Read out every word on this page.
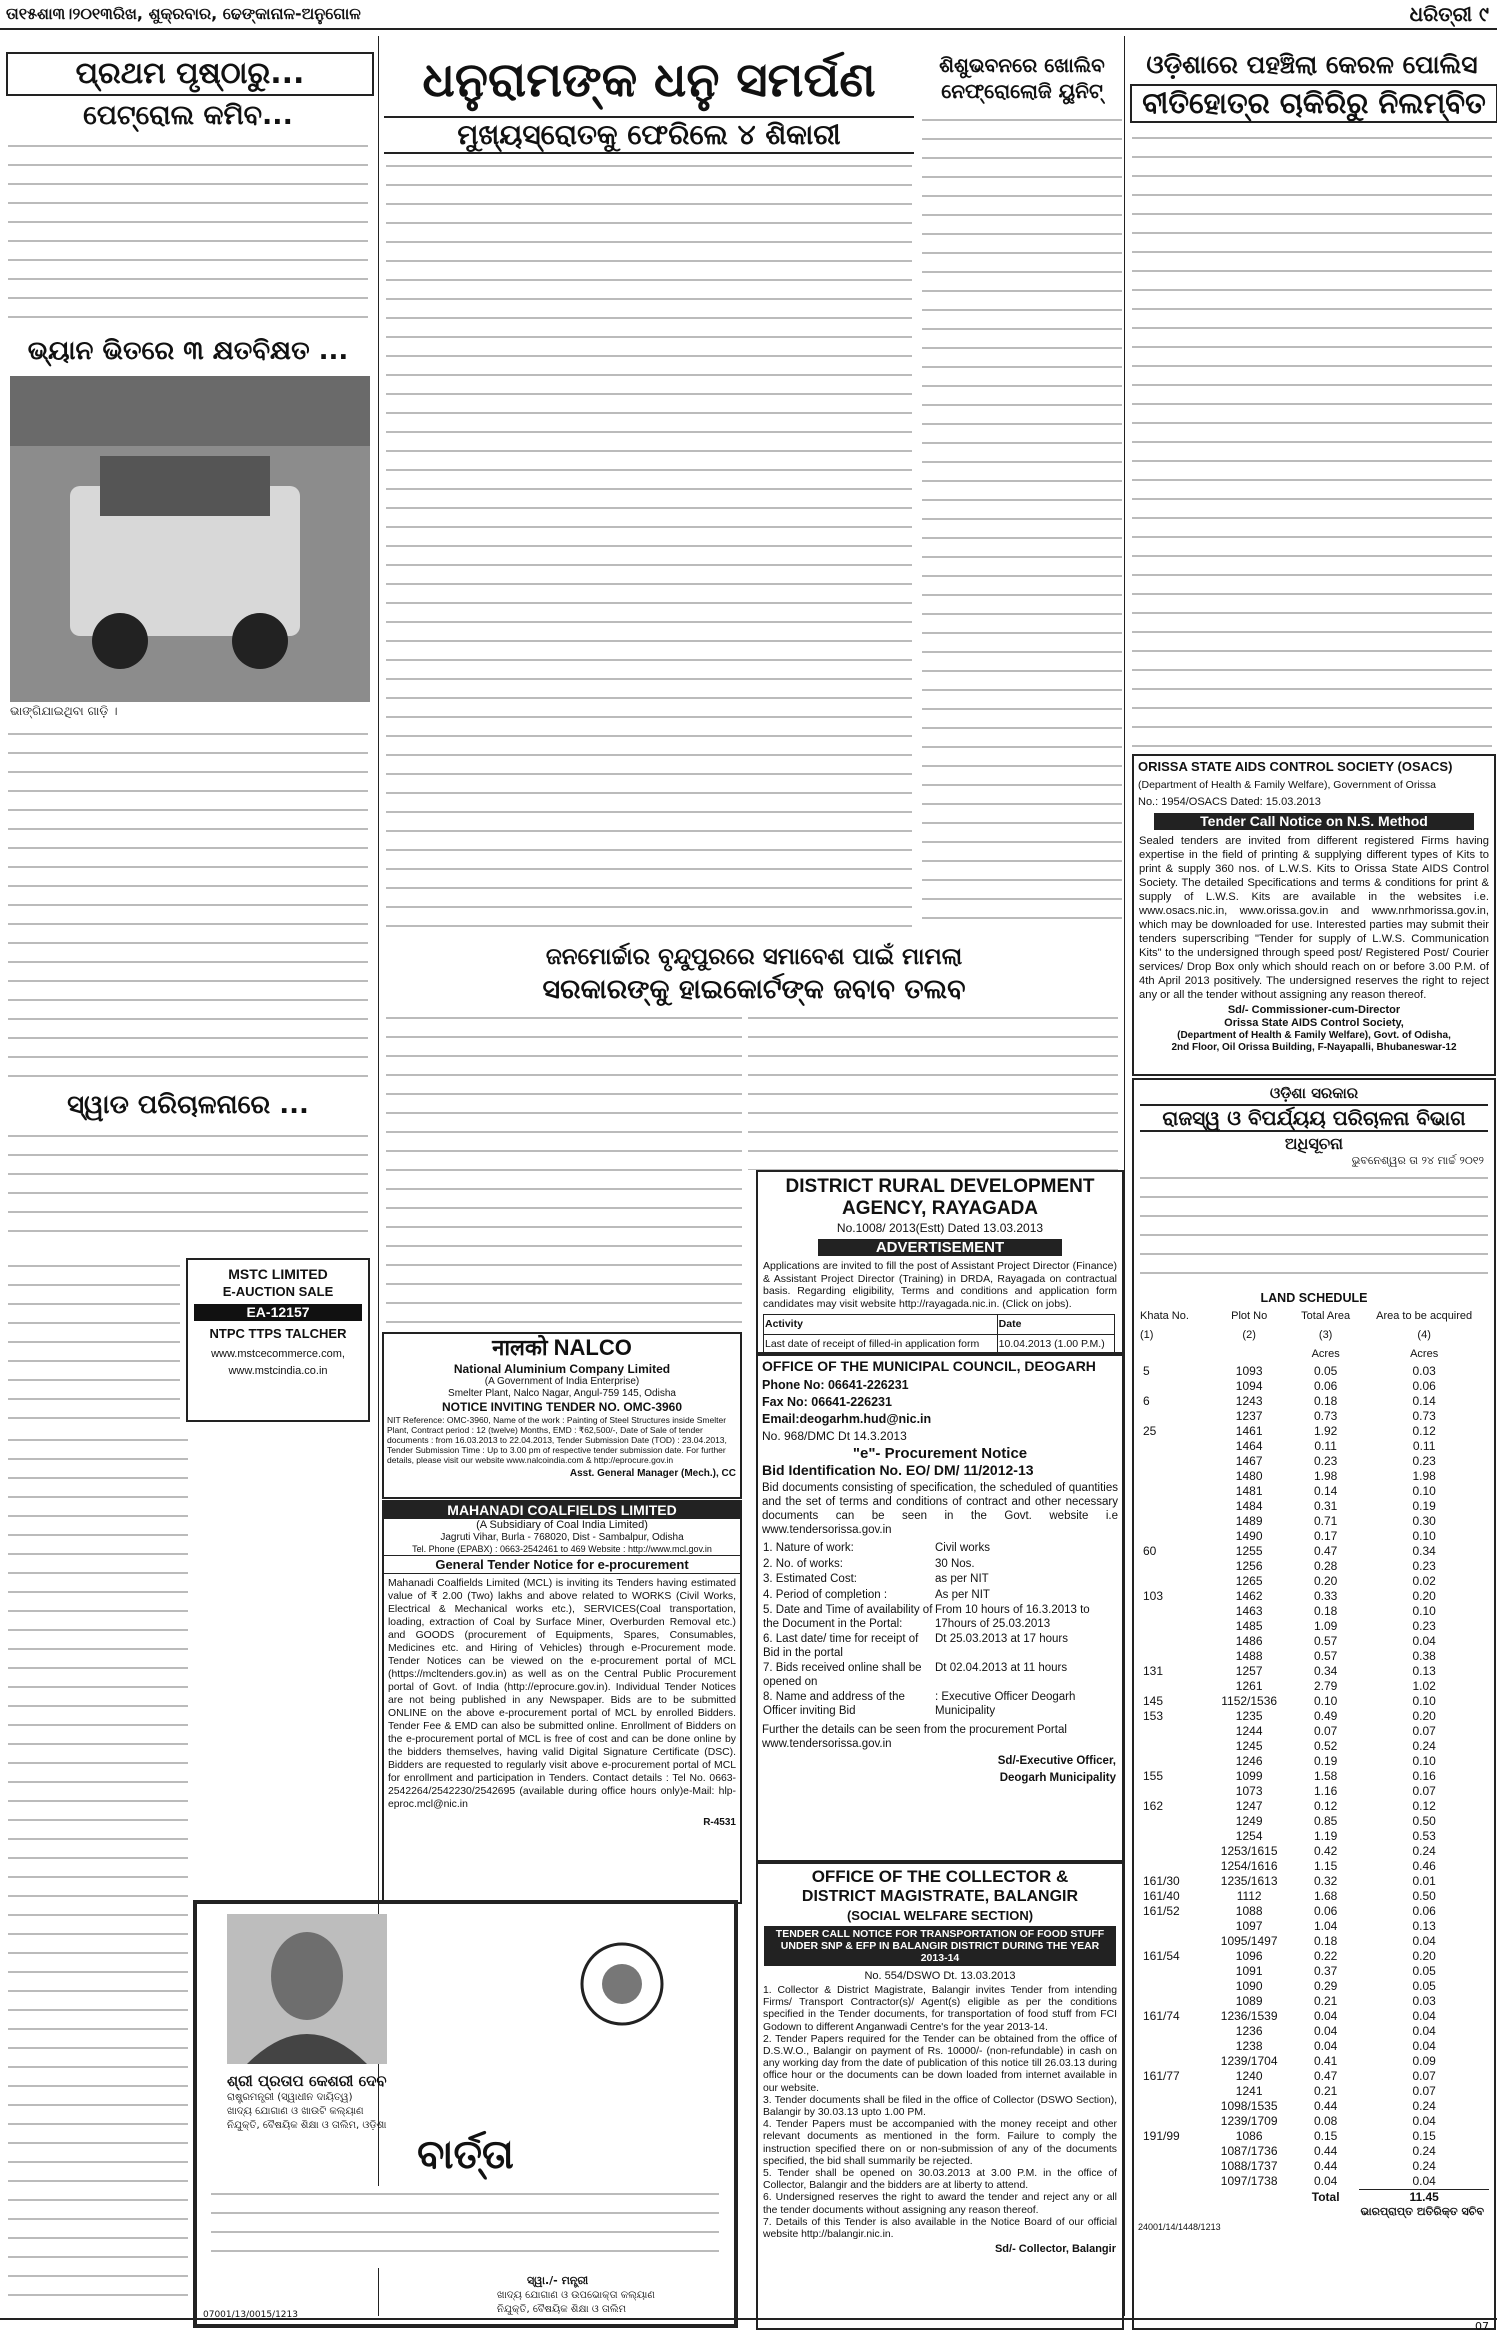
ତା୧୫ଶା୩।୨୦୧୩ରିଖ, ଶୁକ୍ରବାର, ଢେଙ୍କାନାଳ-ଅନୁଗୋଳ	ଧରିତ୍ରୀ ୯
ପ୍ରଥମ ପୃଷ୍ଠାରୁ...
ପେଟ୍ରୋଲ କମିବ...
ଭ୍ୟାନ ଭିତରେ ୩ କ୍ଷତବିକ୍ଷତ ...
ଭାଙ୍ଗିଯାଇଥିବା ଗାଡ଼ି ।
ସ୍ୱାଡ ପରିଚାଳନାରେ ...
MSTC LIMITED
E-AUCTION SALE
EA-12157
NTPC TTPS TALCHER
www.mstcecommerce.com, www.mstcindia.co.in
ଧନୁରାମଙ୍କ ଧନୁ ସମର୍ପଣ
ମୁଖ୍ୟସ୍ରୋତକୁ ଫେରିଲେ ୪ ଶିକାରୀ
ଜନମୋର୍ଚ୍ଚାର ବୃନ୍ଦୁପୁରରେ ସମାବେଶ ପାଇଁ ମାମଲା
ସରକାରଙ୍କୁ ହାଇକୋର୍ଟଙ୍କ ଜବାବ ତଲବ
नालको NALCO
National Aluminium Company Limited
(A Government of India Enterprise)
Smelter Plant, Nalco Nagar, Angul-759 145, Odisha
NOTICE INVITING TENDER NO. OMC-3960
NIT Reference: OMC-3960, Name of the work : Painting of Steel Structures inside Smelter Plant, Contract period : 12 (twelve) Months, EMD : ₹62,500/-, Date of Sale of tender documents : from 16.03.2013 to 22.04.2013, Tender Submission Date (TOD) : 23.04.2013, Tender Submission Time : Up to 3.00 pm of respective tender submission date. For further details, please visit our website www.nalcoindia.com & http://eprocure.gov.in
Asst. General Manager (Mech.), CC
MAHANADI COALFIELDS LIMITED
(A Subsidiary of Coal India Limited)
Jagruti Vihar, Burla - 768020, Dist - Sambalpur, Odisha
Tel. Phone (EPABX) : 0663-2542461 to 469 Website : http://www.mcl.gov.in
General Tender Notice for e-procurement
Mahanadi Coalfields Limited (MCL) is inviting its Tenders having estimated value of ₹ 2.00 (Two) lakhs and above related to WORKS (Civil Works, Electrical & Mechanical works etc.), SERVICES(Coal transportation, loading, extraction of Coal by Surface Miner, Overburden Removal etc.) and GOODS (procurement of Equipments, Spares, Consumables, Medicines etc. and Hiring of Vehicles) through e-Procurement mode. Tender Notices can be viewed on the e-procurement portal of MCL (https://mcltenders.gov.in) as well as on the Central Public Procurement portal of Govt. of India (http://eprocure.gov.in). Individual Tender Notices are not being published in any Newspaper. Bids are to be submitted ONLINE on the above e-procurement portal of MCL by enrolled Bidders. Tender Fee & EMD can also be submitted online. Enrollment of Bidders on the e-procurement portal of MCL is free of cost and can be done online by the bidders themselves, having valid Digital Signature Certificate (DSC). Bidders are requested to regularly visit above e-procurement portal of MCL for enrollment and participation in Tenders. Contact details : Tel No. 0663-2542264/2542230/2542695 (available during office hours only)e-Mail: hlp-eproc.mcl@nic.in
R-4531
ଶ୍ରୀ ପ୍ରତାପ କେଶରୀ ଦେବ
ରାଷ୍ଟ୍ରମନ୍ତ୍ରୀ (ସ୍ୱାଧୀନ ଦାୟିତ୍ୱ)
ଖାଦ୍ୟ ଯୋଗାଣ ଓ ଖାଉଟି କଲ୍ୟାଣ
ନିଯୁକ୍ତି, ବୈଷୟିକ ଶିକ୍ଷା ଓ ତାଲିମ, ଓଡ଼ିଶା
ବାର୍ତ୍ତା
ସ୍ୱା./- ମନ୍ତ୍ରୀ
ଖାଦ୍ୟ ଯୋଗାଣ ଓ ଉପଭୋକ୍ତା କଲ୍ୟାଣ
ନିଯୁକ୍ତି, ବୈଷୟିକ ଶିକ୍ଷା ଓ ତାଲିମ
07001/13/0015/1213
ଶିଶୁଭବନରେ ଖୋଲିବ ନେଫ୍ରୋଲୋଜି ୟୁନିଟ୍
DISTRICT RURAL DEVELOPMENT
AGENCY, RAYAGADA
No.1008/ 2013(Estt) Dated 13.03.2013
ADVERTISEMENT
Applications are invited to fill the post of Assistant Project Director (Finance) & Assistant Project Director (Training) in DRDA, Rayagada on contractual basis. Regarding eligibility, Terms and conditions and application form candidates may visit website http://rayagada.nic.in. (Click on jobs).
Activity	Date
Last date of receipt of filled-in application form	10.04.2013 (1.00 P.M.)
OFFICE OF THE MUNICIPAL COUNCIL, DEOGARH
Phone No: 06641-226231
Fax No: 06641-226231
Email:deogarhm.hud@nic.in
No. 968/DMC Dt 14.3.2013
"e"- Procurement Notice
Bid Identification No. EO/ DM/ 11/2012-13
Bid documents consisting of specification, the scheduled of quantities and the set of terms and conditions of contract and other necessary documents can be seen in the Govt. website i.e www.tendersorissa.gov.in
1. Nature of work:	Civil works
2. No. of works:	30 Nos.
3. Estimated Cost:	as per NIT
4. Period of completion :	As per NIT
5. Date and Time of availability of the Document in the Portal:	From 10 hours of 16.3.2013 to 17hours of 25.03.2013
6. Last date/ time for receipt of Bid in the portal	Dt 25.03.2013 at 17 hours
7. Bids received online shall be opened on	Dt 02.04.2013 at 11 hours
8. Name and address of the Officer inviting Bid	: Executive Officer Deogarh Municipality
Further the details can be seen from the procurement Portal www.tendersorissa.gov.in
Sd/-Executive Officer,
Deogarh Municipality
OFFICE OF THE COLLECTOR &
DISTRICT MAGISTRATE, BALANGIR
(SOCIAL WELFARE SECTION)
TENDER CALL NOTICE FOR TRANSPORTATION OF FOOD STUFF UNDER SNP & EFP IN BALANGIR DISTRICT DURING THE YEAR 2013-14
No. 554/DSWO Dt. 13.03.2013
1. Collector & District Magistrate, Balangir invites Tender from intending Firms/ Transport Contractor(s)/ Agent(s) eligible as per the conditions specified in the Tender documents, for transportation of food stuff from FCI Godown to different Anganwadi Centre's for the year 2013-14.
2. Tender Papers required for the Tender can be obtained from the office of D.S.W.O., Balangir on payment of Rs. 10000/- (non-refundable) in cash on any working day from the date of publication of this notice till 26.03.13 during office hour or the documents can be down loaded from internet available in our website.
3. Tender documents shall be filed in the office of Collector (DSWO Section), Balangir by 30.03.13 upto 1.00 PM.
4. Tender Papers must be accompanied with the money receipt and other relevant documents as mentioned in the form. Failure to comply the instruction specified there on or non-submission of any of the documents specified, the bid shall summarily be rejected.
5. Tender shall be opened on 30.03.2013 at 3.00 P.M. in the office of Collector, Balangir and the bidders are at liberty to attend.
6. Undersigned reserves the right to award the tender and reject any or all the tender documents without assigning any reason thereof.
7. Details of this Tender is also available in the Notice Board of our official website http://balangir.nic.in.
Sd/- Collector, Balangir
ଓଡ଼ିଶାରେ ପହଞ୍ଚିଲା କେରଳ ପୋଲିସ
ବୀତିହୋତ୍ର ଚାକିରିରୁ ନିଲମ୍ବିତ
ORISSA STATE AIDS CONTROL SOCIETY (OSACS)
(Department of Health & Family Welfare), Government of Orissa
No.: 1954/OSACS Dated: 15.03.2013
Tender Call Notice on N.S. Method
Sealed tenders are invited from different registered Firms having expertise in the field of printing & supplying different types of Kits to print & supply 360 nos. of L.W.S. Kits to Orissa State AIDS Control Society. The detailed Specifications and terms & conditions for print & supply of L.W.S. Kits are available in the websites i.e. www.osacs.nic.in, www.orissa.gov.in and www.nrhmorissa.gov.in, which may be downloaded for use. Interested parties may submit their tenders superscribing "Tender for supply of L.W.S. Communication Kits" to the undersigned through speed post/ Registered Post/ Courier services/ Drop Box only which should reach on or before 3.00 P.M. of 4th April 2013 positively. The undersigned reserves the right to reject any or all the tender without assigning any reason thereof.
Sd/- Commissioner-cum-Director
Orissa State AIDS Control Society,
(Department of Health & Family Welfare), Govt. of Odisha,
2nd Floor, Oil Orissa Building, F-Nayapalli, Bhubaneswar-12
ଓଡ଼ିଶା ସରକାର
ରାଜସ୍ୱ ଓ ବିପର୍ଯ୍ୟୟ ପରିଚାଳନା ବିଭାଗ
ଅଧିସୂଚନା
ଭୁବନେଶ୍ୱର ତା ୨୪ ମାର୍ଚ୍ଚ ୨୦୧୨
LAND SCHEDULE
Khata No.	Plot No	Total Area	Area to be acquired
(1)	(2)	(3)	(4)
		Acres	Acres
5	1093	0.05	0.03
	1094	0.06	0.06
6	1243	0.18	0.14
	1237	0.73	0.73
25	1461	1.92	0.12
	1464	0.11	0.11
	1467	0.23	0.23
	1480	1.98	1.98
	1481	0.14	0.10
	1484	0.31	0.19
	1489	0.71	0.30
	1490	0.17	0.10
60	1255	0.47	0.34
	1256	0.28	0.23
	1265	0.20	0.02
103	1462	0.33	0.20
	1463	0.18	0.10
	1485	1.09	0.23
	1486	0.57	0.04
	1488	0.57	0.38
131	1257	0.34	0.13
	1261	2.79	1.02
145	1152/1536	0.10	0.10
153	1235	0.49	0.20
	1244	0.07	0.07
	1245	0.52	0.24
	1246	0.19	0.10
155	1099	1.58	0.16
	1073	1.16	0.07
162	1247	0.12	0.12
	1249	0.85	0.50
	1254	1.19	0.53
	1253/1615	0.42	0.24
	1254/1616	1.15	0.46
161/30	1235/1613	0.32	0.01
161/40	1112	1.68	0.50
161/52	1088	0.06	0.06
	1097	1.04	0.13
	1095/1497	0.18	0.04
161/54	1096	0.22	0.20
	1091	0.37	0.05
	1090	0.29	0.05
	1089	0.21	0.03
161/74	1236/1539	0.04	0.04
	1236	0.04	0.04
	1238	0.04	0.04
	1239/1704	0.41	0.09
161/77	1240	0.47	0.07
	1241	0.21	0.07
	1098/1535	0.44	0.24
	1239/1709	0.08	0.04
191/99	1086	0.15	0.15
	1087/1736	0.44	0.24
	1088/1737	0.44	0.24
	1097/1738	0.04	0.04
		Total	11.45
ଭାରପ୍ରାପ୍ତ ଅତିରିକ୍ତ ସଚିବ
24001/14/1448/1213
07
